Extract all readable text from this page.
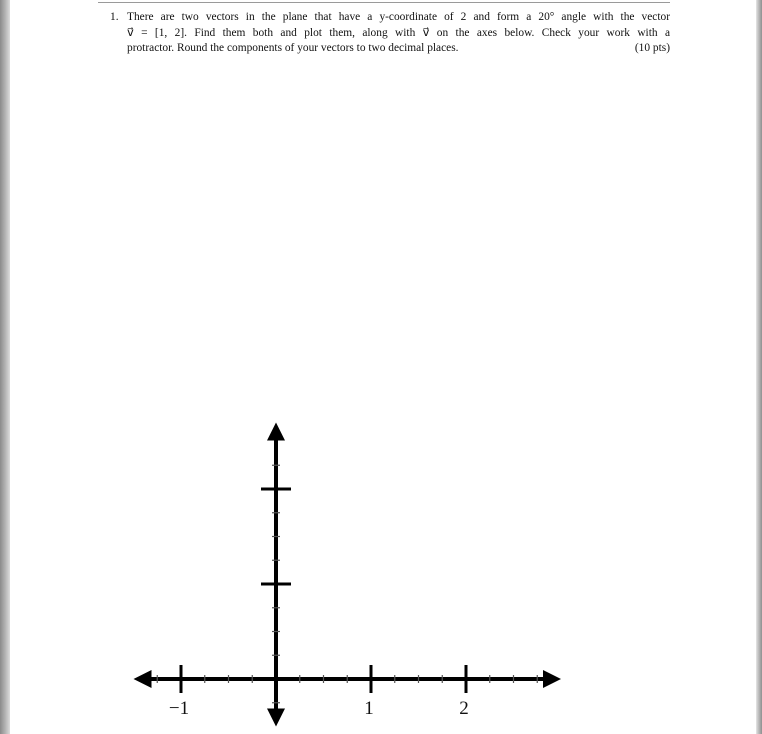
1. There are two vectors in the plane that have a y-coordinate of 2 and form a 20° angle with the vector
v⃗ = [1, 2]. Find them both and plot them, along with v⃗ on the axes below. Check your work with a
protractor. Round the components of your vectors to two decimal places.	(10 pts)
−1	1	2
